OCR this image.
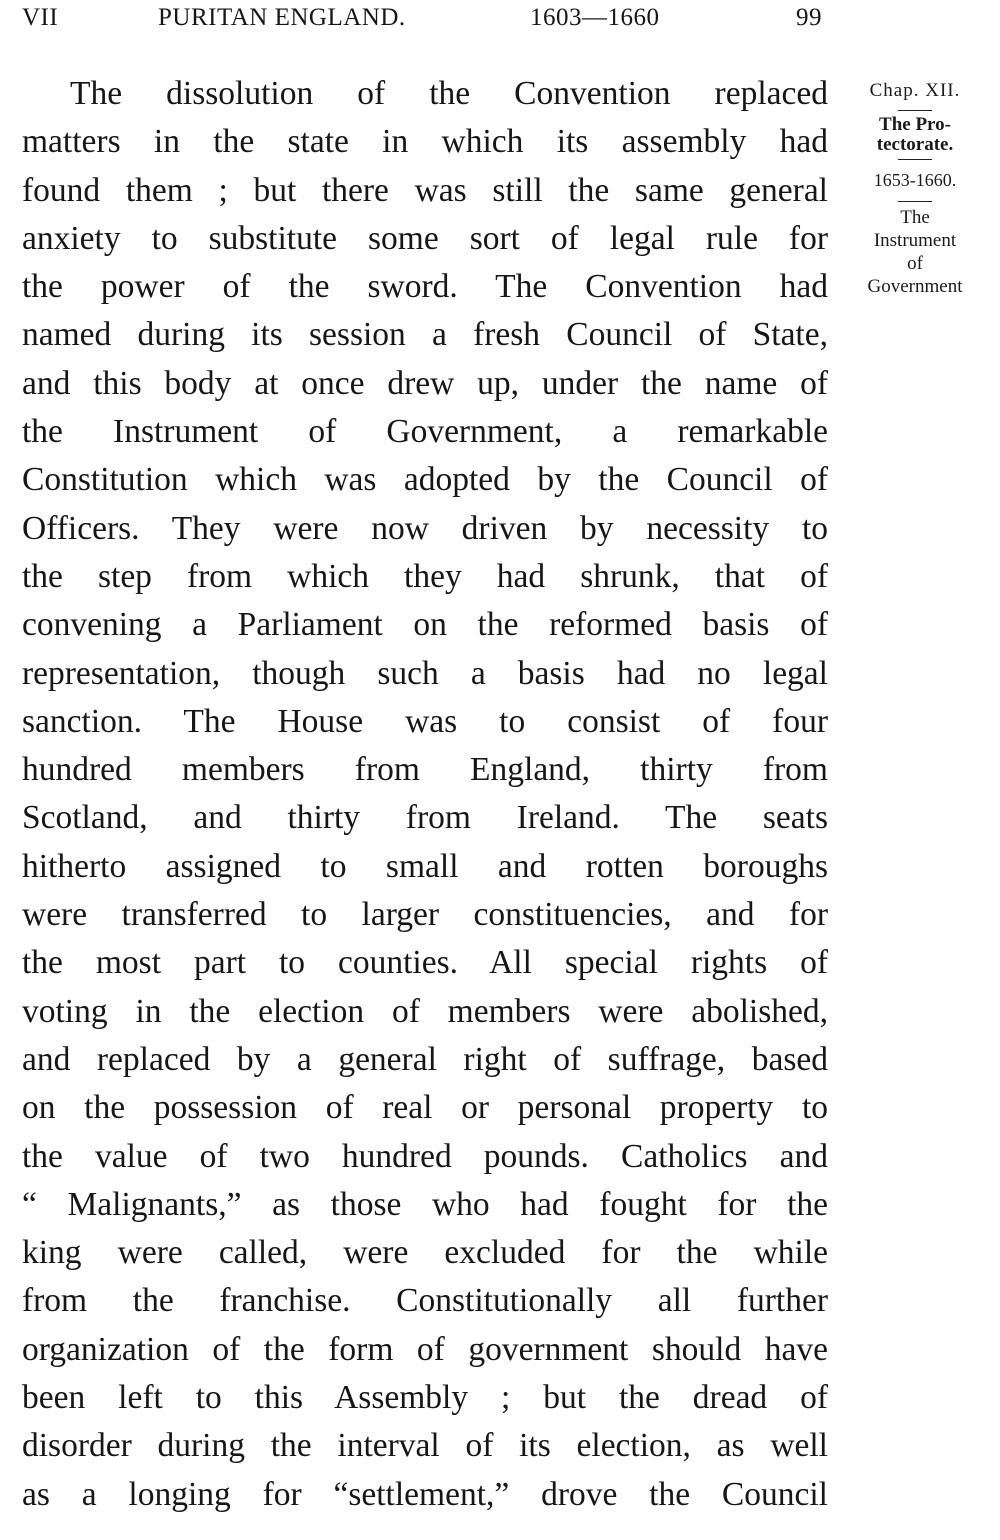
VII	PURITAN ENGLAND.	1603—1660	99
The dissolution of the Convention replaced
matters in the state in which its assembly had
found them ; but there was still the same general
anxiety to substitute some sort of legal rule for
the power of the sword. The Convention had
named during its session a fresh Council of State,
and this body at once drew up, under the name of
the Instrument of Government, a remarkable
Constitution which was adopted by the Council of
Officers. They were now driven by necessity to
the step from which they had shrunk, that of
convening a Parliament on the reformed basis of
representation, though such a basis had no legal
sanction. The House was to consist of four
hundred members from England, thirty from
Scotland, and thirty from Ireland. The seats
hitherto assigned to small and rotten boroughs
were transferred to larger constituencies, and for
the most part to counties. All special rights of
voting in the election of members were abolished,
and replaced by a general right of suffrage, based
on the possession of real or personal property to
the value of two hundred pounds. Catholics and
“ Malignants,” as those who had fought for the
king were called, were excluded for the while
from the franchise. Constitutionally all further
organization of the form of government should have
been left to this Assembly ; but the dread of
disorder during the interval of its election, as well
as a longing for “settlement,” drove the Council
Chap. XII.
The Pro-
tectorate.
1653-1660.
The
Instrument
of
Government
